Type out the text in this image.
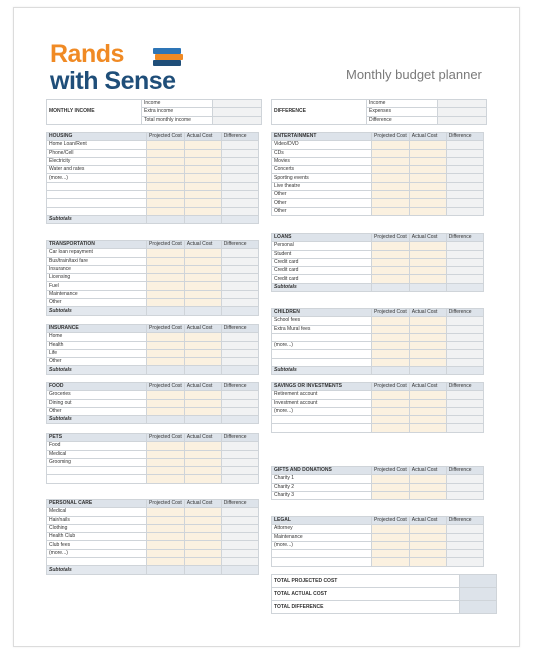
Rands
with Sense	Monthly budget planner
MONTHLY INCOME	Income	
	Extra income	
	Total monthly income	
DIFFERENCE	Income	
	Expenses	
	Difference	
HOUSING	Projected Cost	Actual Cost	Difference
Home Loan/Rent			
Phone/Cell			
Electricity			
Water and rates			
(more...)			

Subtotals			
TRANSPORTATION	Projected Cost	Actual Cost	Difference
Car loan repayment			
Bus/train/taxi fare			
Insurance			
Licensing			
Fuel			
Maintenance			
Other			
Subtotals			
INSURANCE	Projected Cost	Actual Cost	Difference
Home			
Health			
Life			
Other			
Subtotals			
FOOD	Projected Cost	Actual Cost	Difference
Groceries			
Dining out			
Other			
Subtotals			
PETS	Projected Cost	Actual Cost	Difference
Food			
Medical			
Grooming			

PERSONAL CARE	Projected Cost	Actual Cost	Difference
Medical			
Hair/nails			
Clothing			
Health Club			
Club fees			
(more...)			

Subtotals			
ENTERTAINMENT	Projected Cost	Actual Cost	Difference
Video/DVD			
CDs			
Movies			
Concerts			
Sporting events			
Live theatre			
Other			
Other			
Other			
LOANS	Projected Cost	Actual Cost	Difference
Personal			
Student			
Credit card			
Credit card			
Credit card			
Subtotals			
CHILDREN	Projected Cost	Actual Cost	Difference
School fees			
Extra Mural fees			

(more...)			

Subtotals			
SAVINGS OR INVESTMENTS	Projected Cost	Actual Cost	Difference
Retirement account			
Investment account			
(more...)			

GIFTS AND DONATIONS	Projected Cost	Actual Cost	Difference
Charity 1			
Charity 2			
Charity 3			
LEGAL	Projected Cost	Actual Cost	Difference
Attorney			
Maintenance			
(more...)			

TOTAL PROJECTED COST	
TOTAL ACTUAL COST	
TOTAL DIFFERENCE	
